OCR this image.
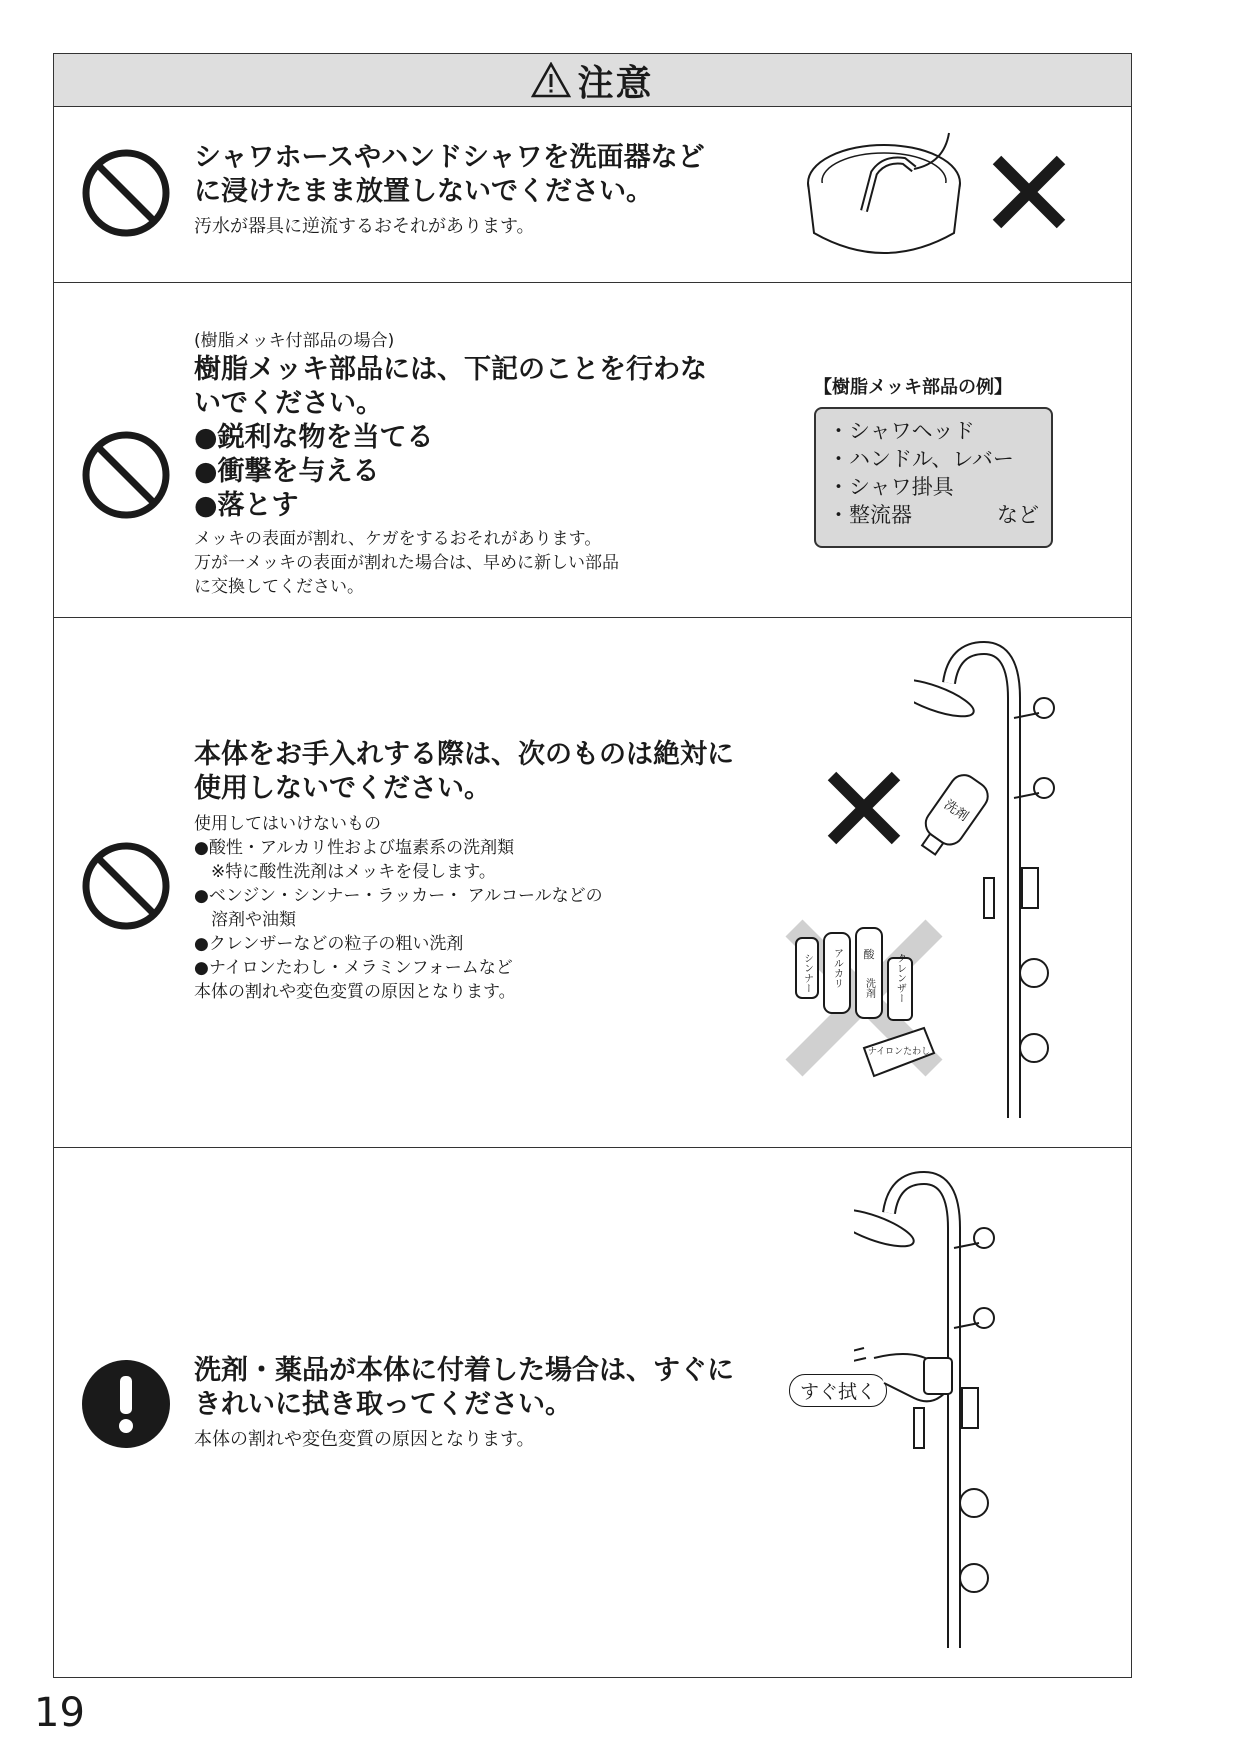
注意
シャワホースやハンドシャワを洗面器など
に浸けたまま放置しないでください。
汚水が器具に逆流するおそれがあります。
(樹脂メッキ付部品の場合)
樹脂メッキ部品には、下記のことを行わな
いでください。
●鋭利な物を当てる
●衝撃を与える
●落とす
メッキの表面が割れ、ケガをするおそれがあります。
万が一メッキの表面が割れた場合は、早めに新しい部品
に交換してください。
【樹脂メッキ部品の例】
・シャワヘッド
・ハンドル、レバー
・シャワ掛具
・整流器	など
本体をお手入れする際は、次のものは絶対に
使用しないでください。
使用してはいけないもの
●酸性・アルカリ性および塩素系の洗剤類
　※特に酸性洗剤はメッキを侵します。
●ベンジン・シンナー・ラッカー・ アルコールなどの
　溶剤や油類
●クレンザーなどの粒子の粗い洗剤
●ナイロンたわし・メラミンフォームなど
本体の割れや変色変質の原因となります。
洗剤
シンナー アルカリ 酸
洗剤 クレンザー
ナイロンたわし
洗剤・薬品が本体に付着した場合は、すぐに
きれいに拭き取ってください。
本体の割れや変色変質の原因となります。
すぐ拭く
19
